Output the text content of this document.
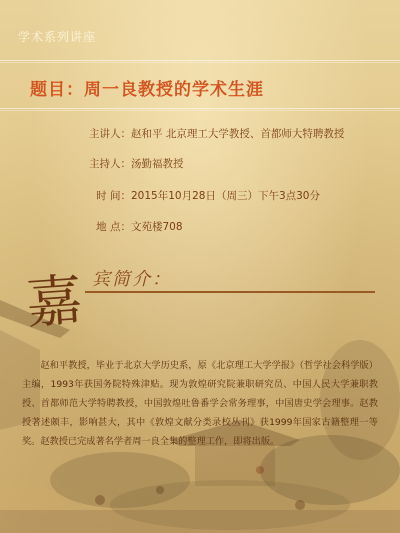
学术系列讲座
题目：周一良教授的学术生涯
主讲人： 赵和平 北京理工大学教授、首都师大特聘教授
主持人： 汤勤福教授
时 间： 2015年10月28日（周三）下午3点30分
地 点： 文苑楼708
嘉 宾简介：
赵和平教授，毕业于北京大学历史系，原《北京理工大学学报》（哲学社会科学版）主编，1993年获国务院特殊津贴。现为敦煌研究院兼职研究员、中国人民大学兼职教授、首都师范大学特聘教授，中国敦煌吐鲁番学会常务理事，中国唐史学会理事。赵教授著述颇丰，影响甚大，其中《敦煌文献分类录校丛刊》获1999年国家古籍整理一等奖。赵教授已完成著名学者周一良全集的整理工作，即将出版。
